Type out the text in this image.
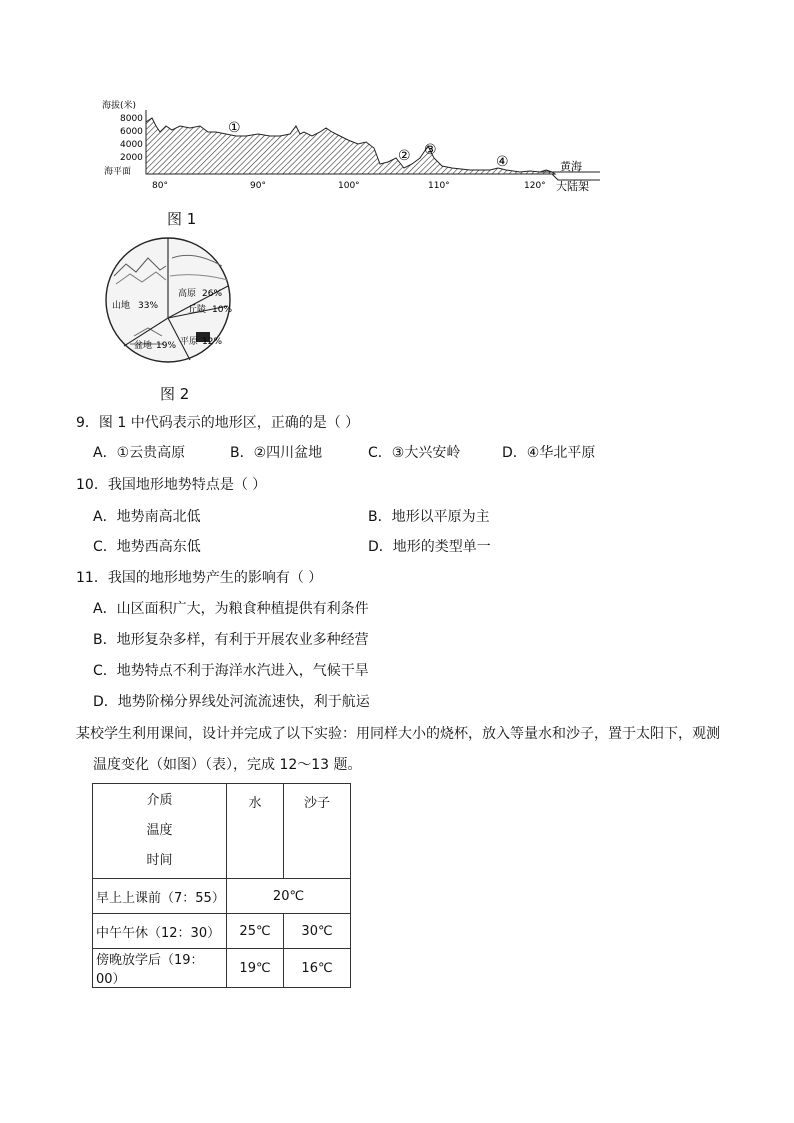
海拔(米)
8000
6000
4000
2000
海平面
80°	90°	100°	110°	120°
①
② ③
④	黄海
大陆架
图 1
山地 33%
高原 26%
丘陵 10%
盆地 19% 平原 12%
图 2
9．图 1 中代码表示的地形区，正确的是（ ）
A．①云贵高原	B．②四川盆地	C．③大兴安岭	D．④华北平原
10．我国地形地势特点是（ ）
A．地势南高北低	B．地形以平原为主
C．地势西高东低	D．地形的类型单一
11．我国的地形地势产生的影响有（ ）
A．山区面积广大，为粮食种植提供有利条件
B．地形复杂多样，有利于开展农业多种经营
C．地势特点不利于海洋水汽进入，气候干旱
D．地势阶梯分界线处河流流速快，利于航运
某校学生利用课间，设计并完成了以下实验：用同样大小的烧杯，放入等量水和沙子，置于太阳下，观测
温度变化（如图）（表），完成 12～13 题。
介质
温度
时间	水	沙子
早上上课前（7：55）	20℃	
中午午休（12：30）	25℃	30℃
傍晚放学后（19：00）	19℃	16℃
